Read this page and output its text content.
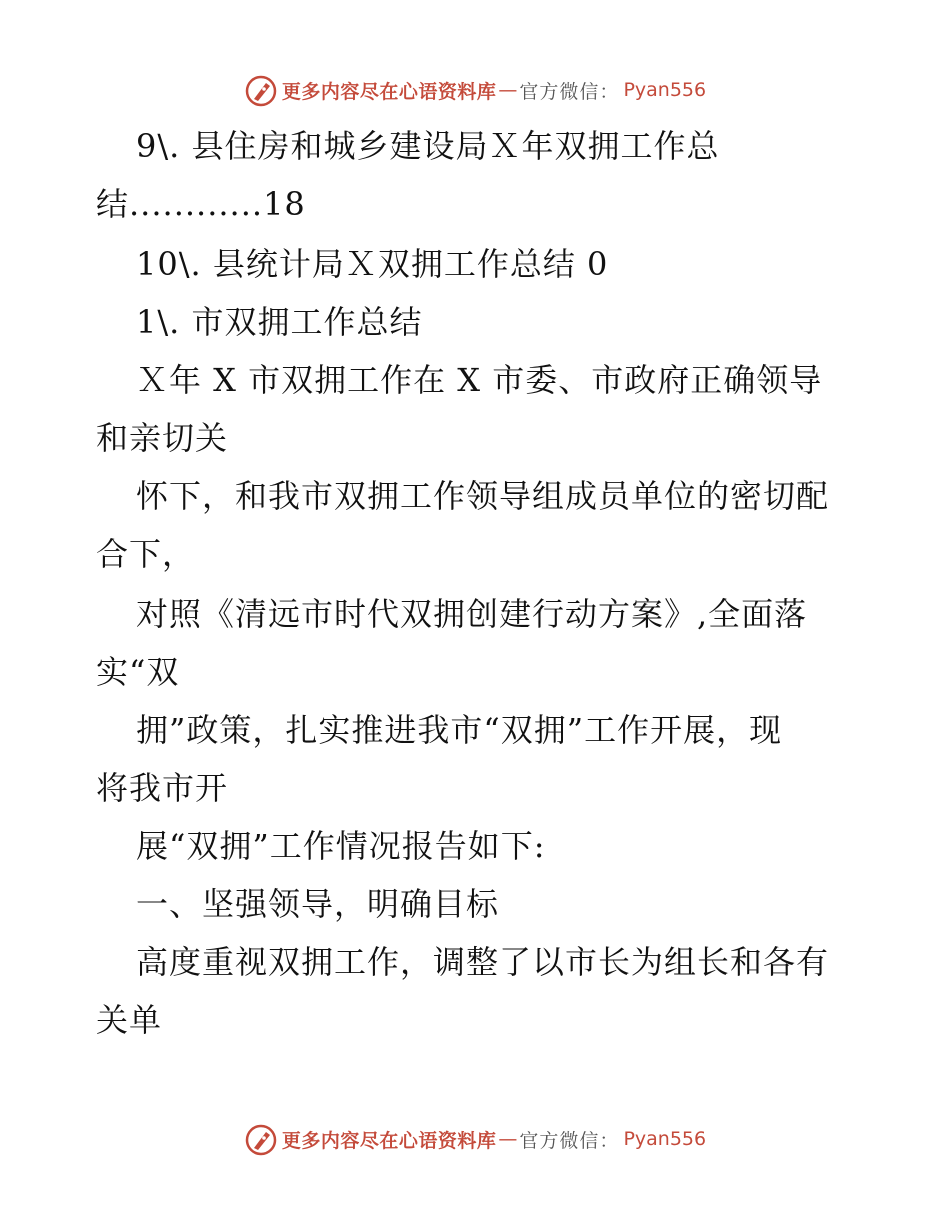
更多内容尽在心语资料库 — 官方微信： Pyan556
9\. 县住房和城乡建设局Ｘ年双拥工作总
结............18
10\. 县统计局Ｘ双拥工作总结 0
1\. 市双拥工作总结
Ｘ年 X 市双拥工作在 X 市委、市政府正确领导
和亲切关
怀下，和我市双拥工作领导组成员单位的密切配
合下，
对照《清远市时代双拥创建行动方案》,全面落
实“双
拥”政策，扎实推进我市“双拥”工作开展，现
将我市开
展“双拥”工作情况报告如下:
一、坚强领导，明确目标
高度重视双拥工作，调整了以市长为组长和各有
关单
更多内容尽在心语资料库 — 官方微信： Pyan556
